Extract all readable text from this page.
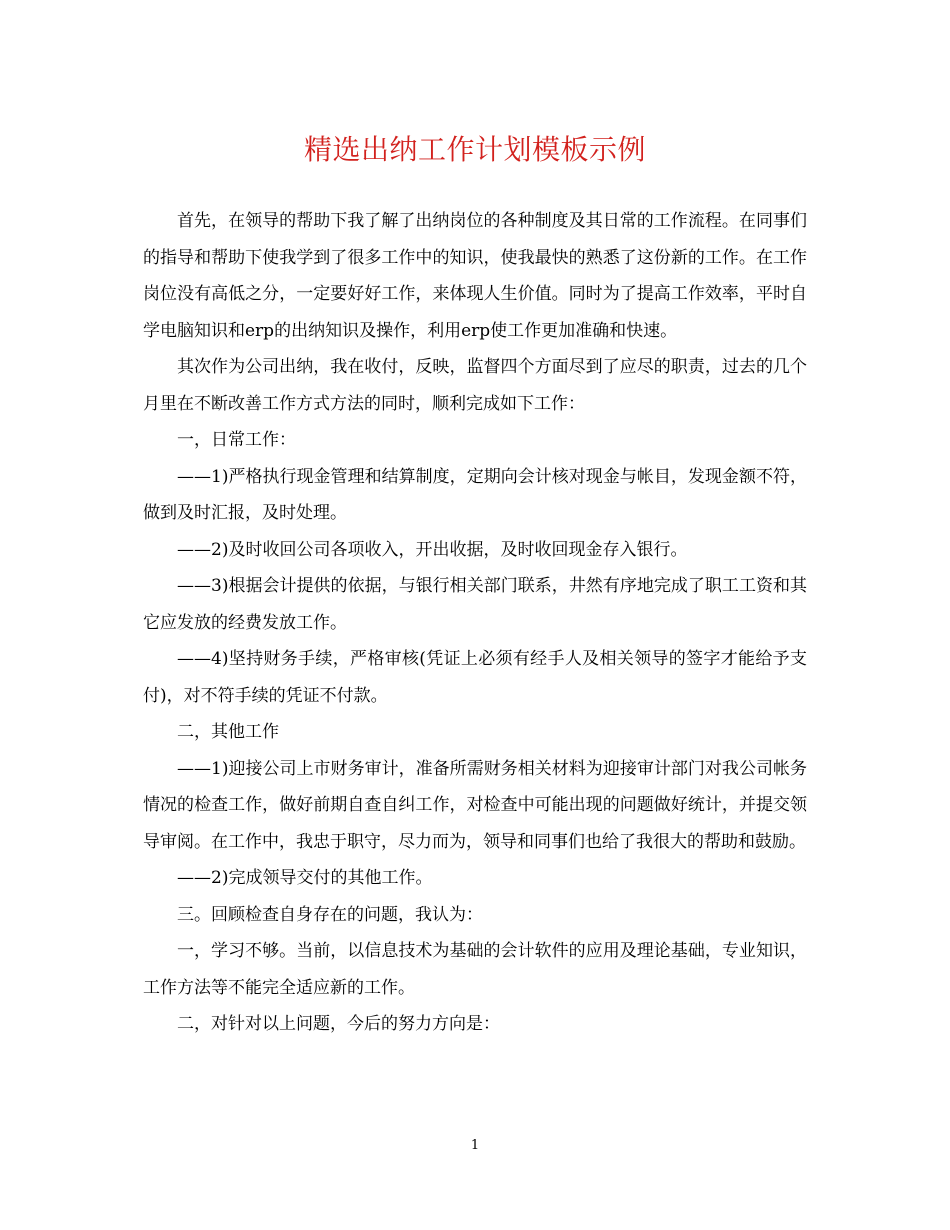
精选出纳工作计划模板示例

首先，在领导的帮助下我了解了出纳岗位的各种制度及其日常的工作流程。在同事们的指导和帮助下使我学到了很多工作中的知识，使我最快的熟悉了这份新的工作。在工作岗位没有高低之分，一定要好好工作，来体现人生价值。同时为了提高工作效率，平时自学电脑知识和erp的出纳知识及操作，利用erp使工作更加准确和快速。

其次作为公司出纳，我在收付，反映，监督四个方面尽到了应尽的职责，过去的几个月里在不断改善工作方式方法的同时，顺利完成如下工作：

一，日常工作：

——1)严格执行现金管理和结算制度，定期向会计核对现金与帐目，发现金额不符，做到及时汇报，及时处理。

——2)及时收回公司各项收入，开出收据，及时收回现金存入银行。

——3)根据会计提供的依据，与银行相关部门联系，井然有序地完成了职工工资和其它应发放的经费发放工作。

——4)坚持财务手续，严格审核(凭证上必须有经手人及相关领导的签字才能给予支付)，对不符手续的凭证不付款。

二，其他工作

——1)迎接公司上市财务审计，准备所需财务相关材料为迎接审计部门对我公司帐务情况的检查工作，做好前期自查自纠工作，对检查中可能出现的问题做好统计，并提交领导审阅。在工作中，我忠于职守，尽力而为，领导和同事们也给了我很大的帮助和鼓励。

——2)完成领导交付的其他工作。

三。回顾检查自身存在的问题，我认为：

一，学习不够。当前，以信息技术为基础的会计软件的应用及理论基础，专业知识，工作方法等不能完全适应新的工作。

二，对针对以上问题，今后的努力方向是：

1
